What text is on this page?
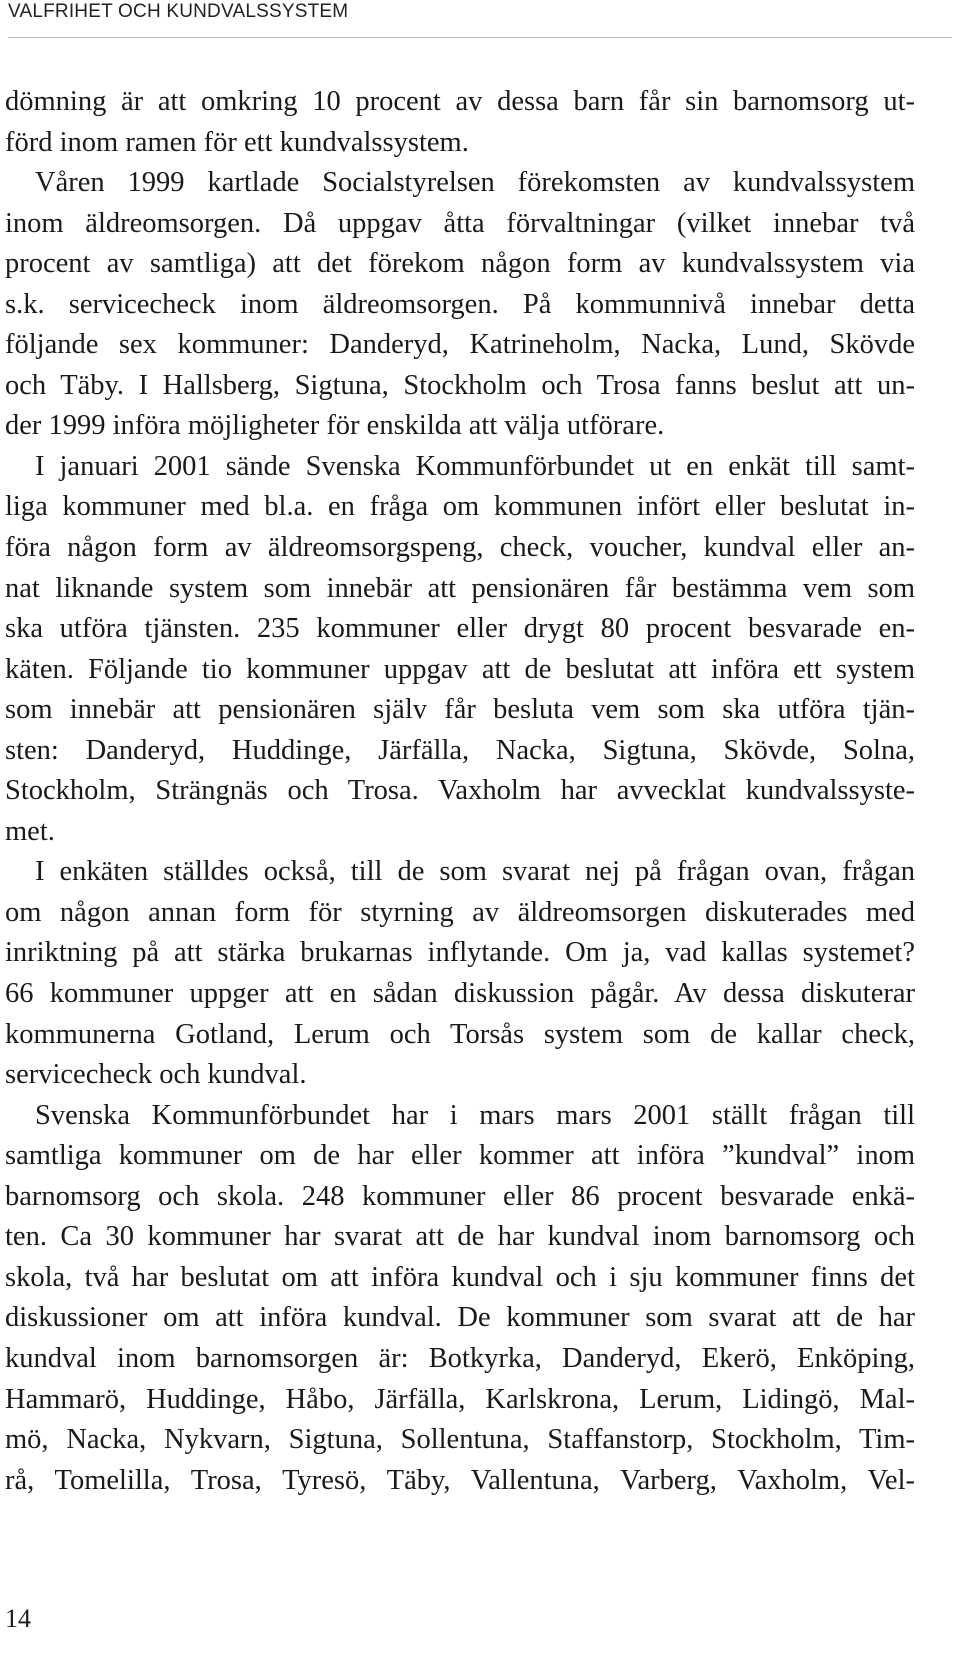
VALFRIHET OCH KUNDVALSSYSTEM
dömning är att omkring 10 procent av dessa barn får sin barnomsorg ut-
förd inom ramen för ett kundvalssystem.
Våren 1999 kartlade Socialstyrelsen förekomsten av kundvalssystem
inom äldreomsorgen. Då uppgav åtta förvaltningar (vilket innebar två
procent av samtliga) att det förekom någon form av kundvalssystem via
s.k. servicecheck inom äldreomsorgen. På kommunnivå innebar detta
följande sex kommuner: Danderyd, Katrineholm, Nacka, Lund, Skövde
och Täby. I Hallsberg, Sigtuna, Stockholm och Trosa fanns beslut att un-
der 1999 införa möjligheter för enskilda att välja utförare.
I januari 2001 sände Svenska Kommunförbundet ut en enkät till samt-
liga kommuner med bl.a. en fråga om kommunen infört eller beslutat in-
föra någon form av äldreomsorgspeng, check, voucher, kundval eller an-
nat liknande system som innebär att pensionären får bestämma vem som
ska utföra tjänsten. 235 kommuner eller drygt 80 procent besvarade en-
käten. Följande tio kommuner uppgav att de beslutat att införa ett system
som innebär att pensionären själv får besluta vem som ska utföra tjän-
sten: Danderyd, Huddinge, Järfälla, Nacka, Sigtuna, Skövde, Solna,
Stockholm, Strängnäs och Trosa. Vaxholm har avvecklat kundvalssyste-
met.
I enkäten ställdes också, till de som svarat nej på frågan ovan, frågan
om någon annan form för styrning av äldreomsorgen diskuterades med
inriktning på att stärka brukarnas inflytande. Om ja, vad kallas systemet?
66 kommuner uppger att en sådan diskussion pågår. Av dessa diskuterar
kommunerna Gotland, Lerum och Torsås system som de kallar check,
servicecheck och kundval.
Svenska Kommunförbundet har i mars mars 2001 ställt frågan till
samtliga kommuner om de har eller kommer att införa ”kundval” inom
barnomsorg och skola. 248 kommuner eller 86 procent besvarade enkä-
ten. Ca 30 kommuner har svarat att de har kundval inom barnomsorg och
skola, två har beslutat om att införa kundval och i sju kommuner finns det
diskussioner om att införa kundval. De kommuner som svarat att de har
kundval inom barnomsorgen är: Botkyrka, Danderyd, Ekerö, Enköping,
Hammarö, Huddinge, Håbo, Järfälla, Karlskrona, Lerum, Lidingö, Mal-
mö, Nacka, Nykvarn, Sigtuna, Sollentuna, Staffanstorp, Stockholm, Tim-
rå, Tomelilla, Trosa, Tyresö, Täby, Vallentuna, Varberg, Vaxholm, Vel-
14
